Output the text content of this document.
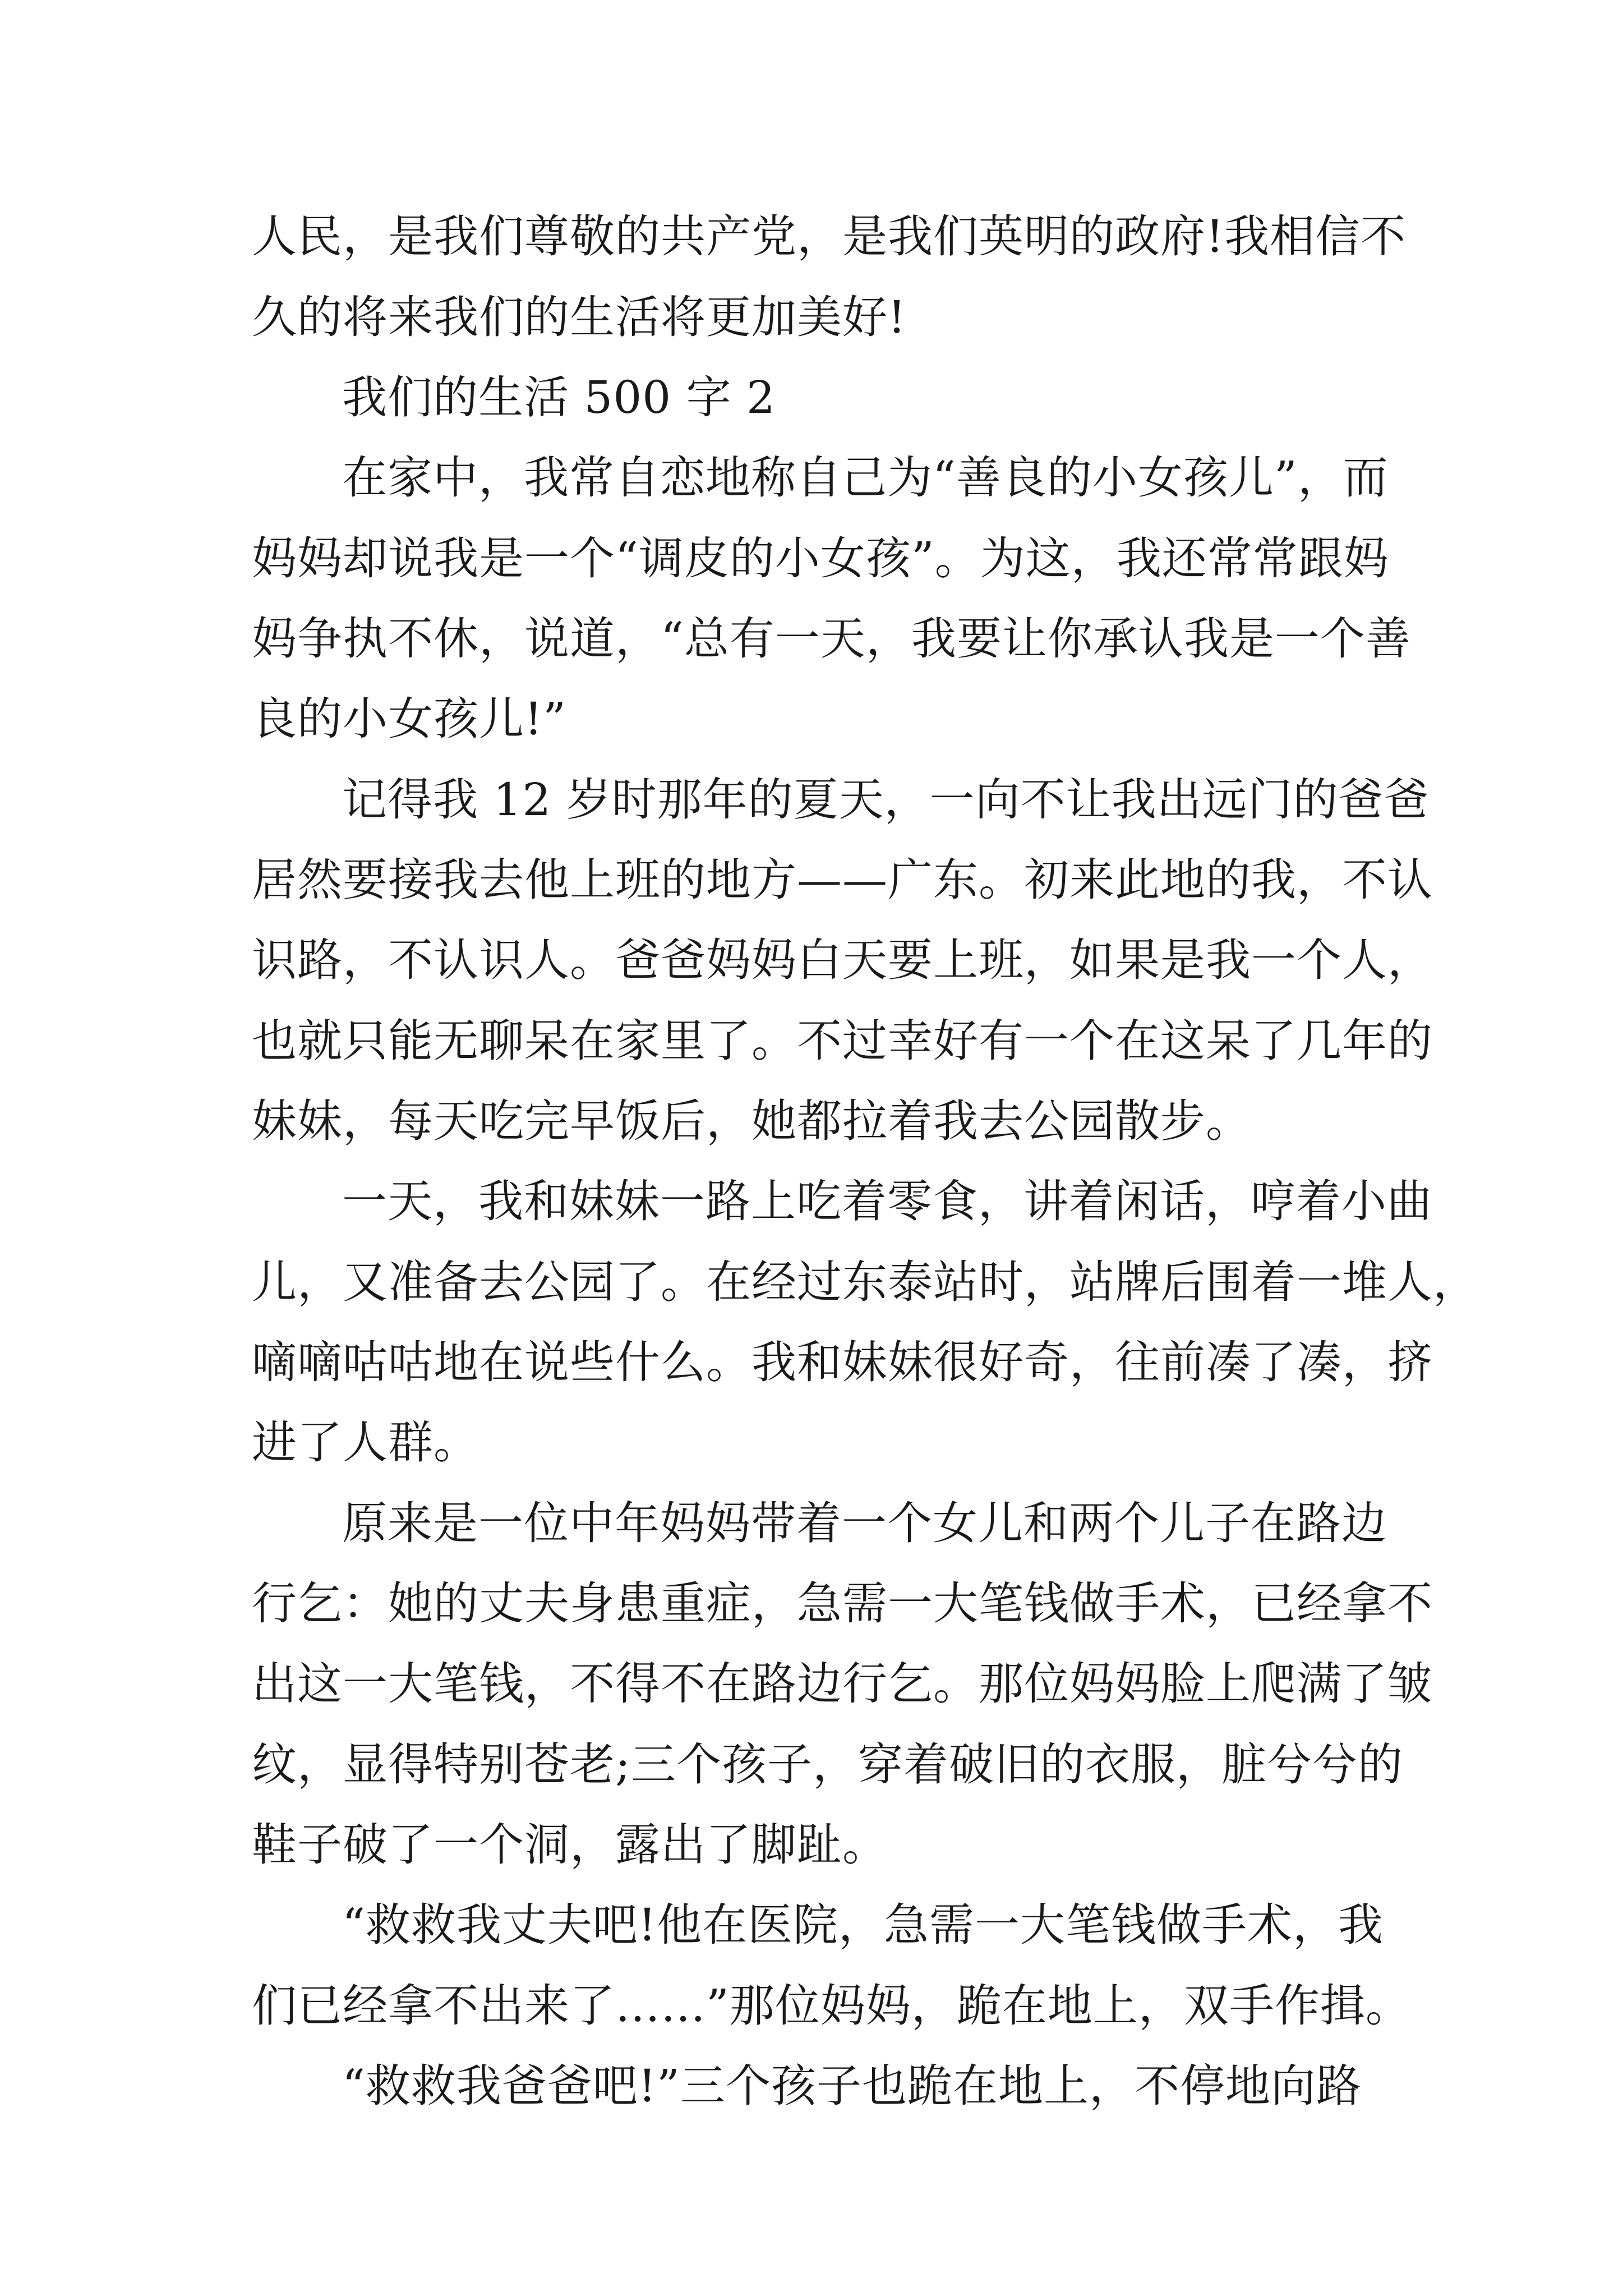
人民，是我们尊敬的共产党，是我们英明的政府!我相信不
久的将来我们的生活将更加美好!
我们的生活 500 字 2
在家中，我常自恋地称自己为“善良的小女孩儿”，而
妈妈却说我是一个“调皮的小女孩”。为这，我还常常跟妈
妈争执不休，说道，“总有一天，我要让你承认我是一个善
良的小女孩儿!”
记得我 12 岁时那年的夏天，一向不让我出远门的爸爸
居然要接我去他上班的地方——广东。初来此地的我，不认
识路，不认识人。爸爸妈妈白天要上班，如果是我一个人，
也就只能无聊呆在家里了。不过幸好有一个在这呆了几年的
妹妹，每天吃完早饭后，她都拉着我去公园散步。
一天，我和妹妹一路上吃着零食，讲着闲话，哼着小曲
儿，又准备去公园了。在经过东泰站时，站牌后围着一堆人，
嘀嘀咕咕地在说些什么。我和妹妹很好奇，往前凑了凑，挤
进了人群。
原来是一位中年妈妈带着一个女儿和两个儿子在路边
行乞：她的丈夫身患重症，急需一大笔钱做手术，已经拿不
出这一大笔钱，不得不在路边行乞。那位妈妈脸上爬满了皱
纹，显得特别苍老;三个孩子，穿着破旧的衣服，脏兮兮的
鞋子破了一个洞，露出了脚趾。
“救救我丈夫吧!他在医院，急需一大笔钱做手术，我
们已经拿不出来了……”那位妈妈，跪在地上，双手作揖。
“救救我爸爸吧!”三个孩子也跪在地上，不停地向路
